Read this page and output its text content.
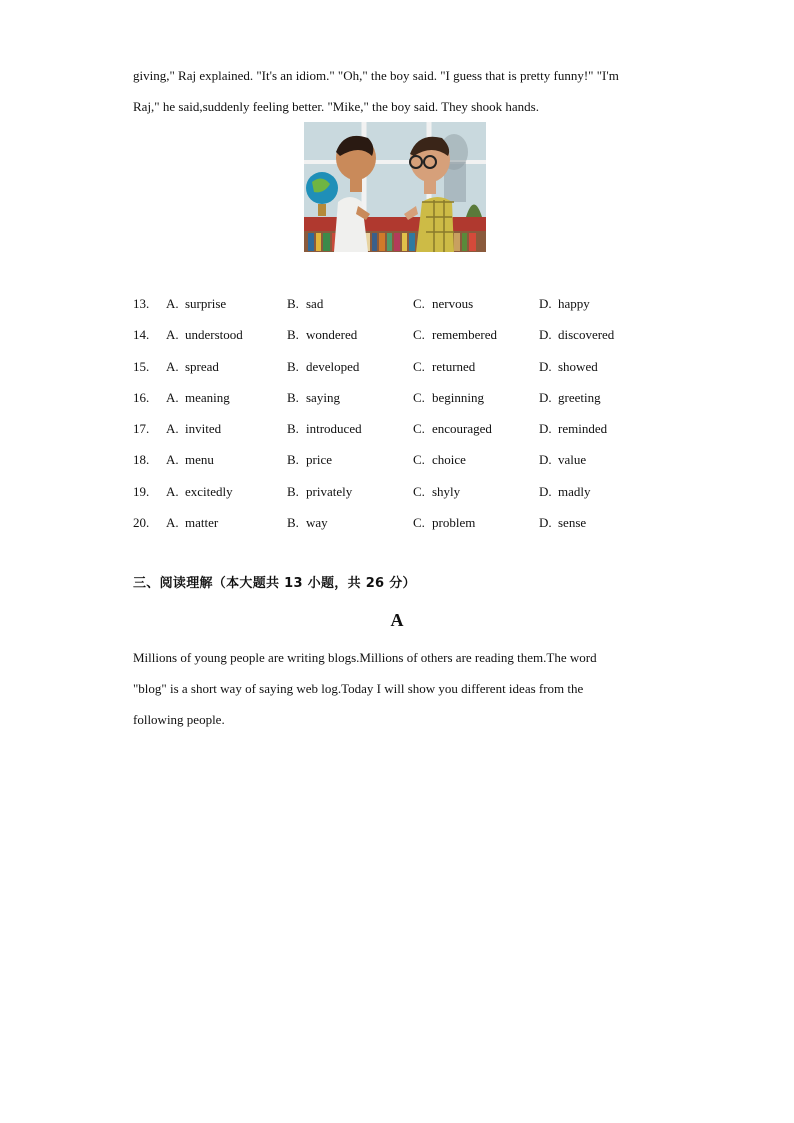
giving," Raj explained. "It's an idiom." "Oh," the boy said. "I guess that is pretty funny!" "I'm
Raj," he said,suddenly feeling better. "Mike," the boy said. They shook hands.
13. A. surprise	B. sad	C. nervous	D. happy
14. A. understood	B. wondered	C. remembered	D. discovered
15. A. spread	B. developed	C. returned	D. showed
16. A. meaning	B. saying	C. beginning	D. greeting
17. A. invited	B. introduced	C. encouraged	D. reminded
18. A. menu	B. price	C. choice	D. value
19. A. excitedly	B. privately	C. shyly	D. madly
20. A. matter	B. way	C. problem	D. sense
三、阅读理解（本大题共 13 小题，共 26 分）
A
Millions of young people are writing blogs.Millions of others are reading them.The word
"blog" is a short way of saying web log.Today I will show you different ideas from the
following people.
